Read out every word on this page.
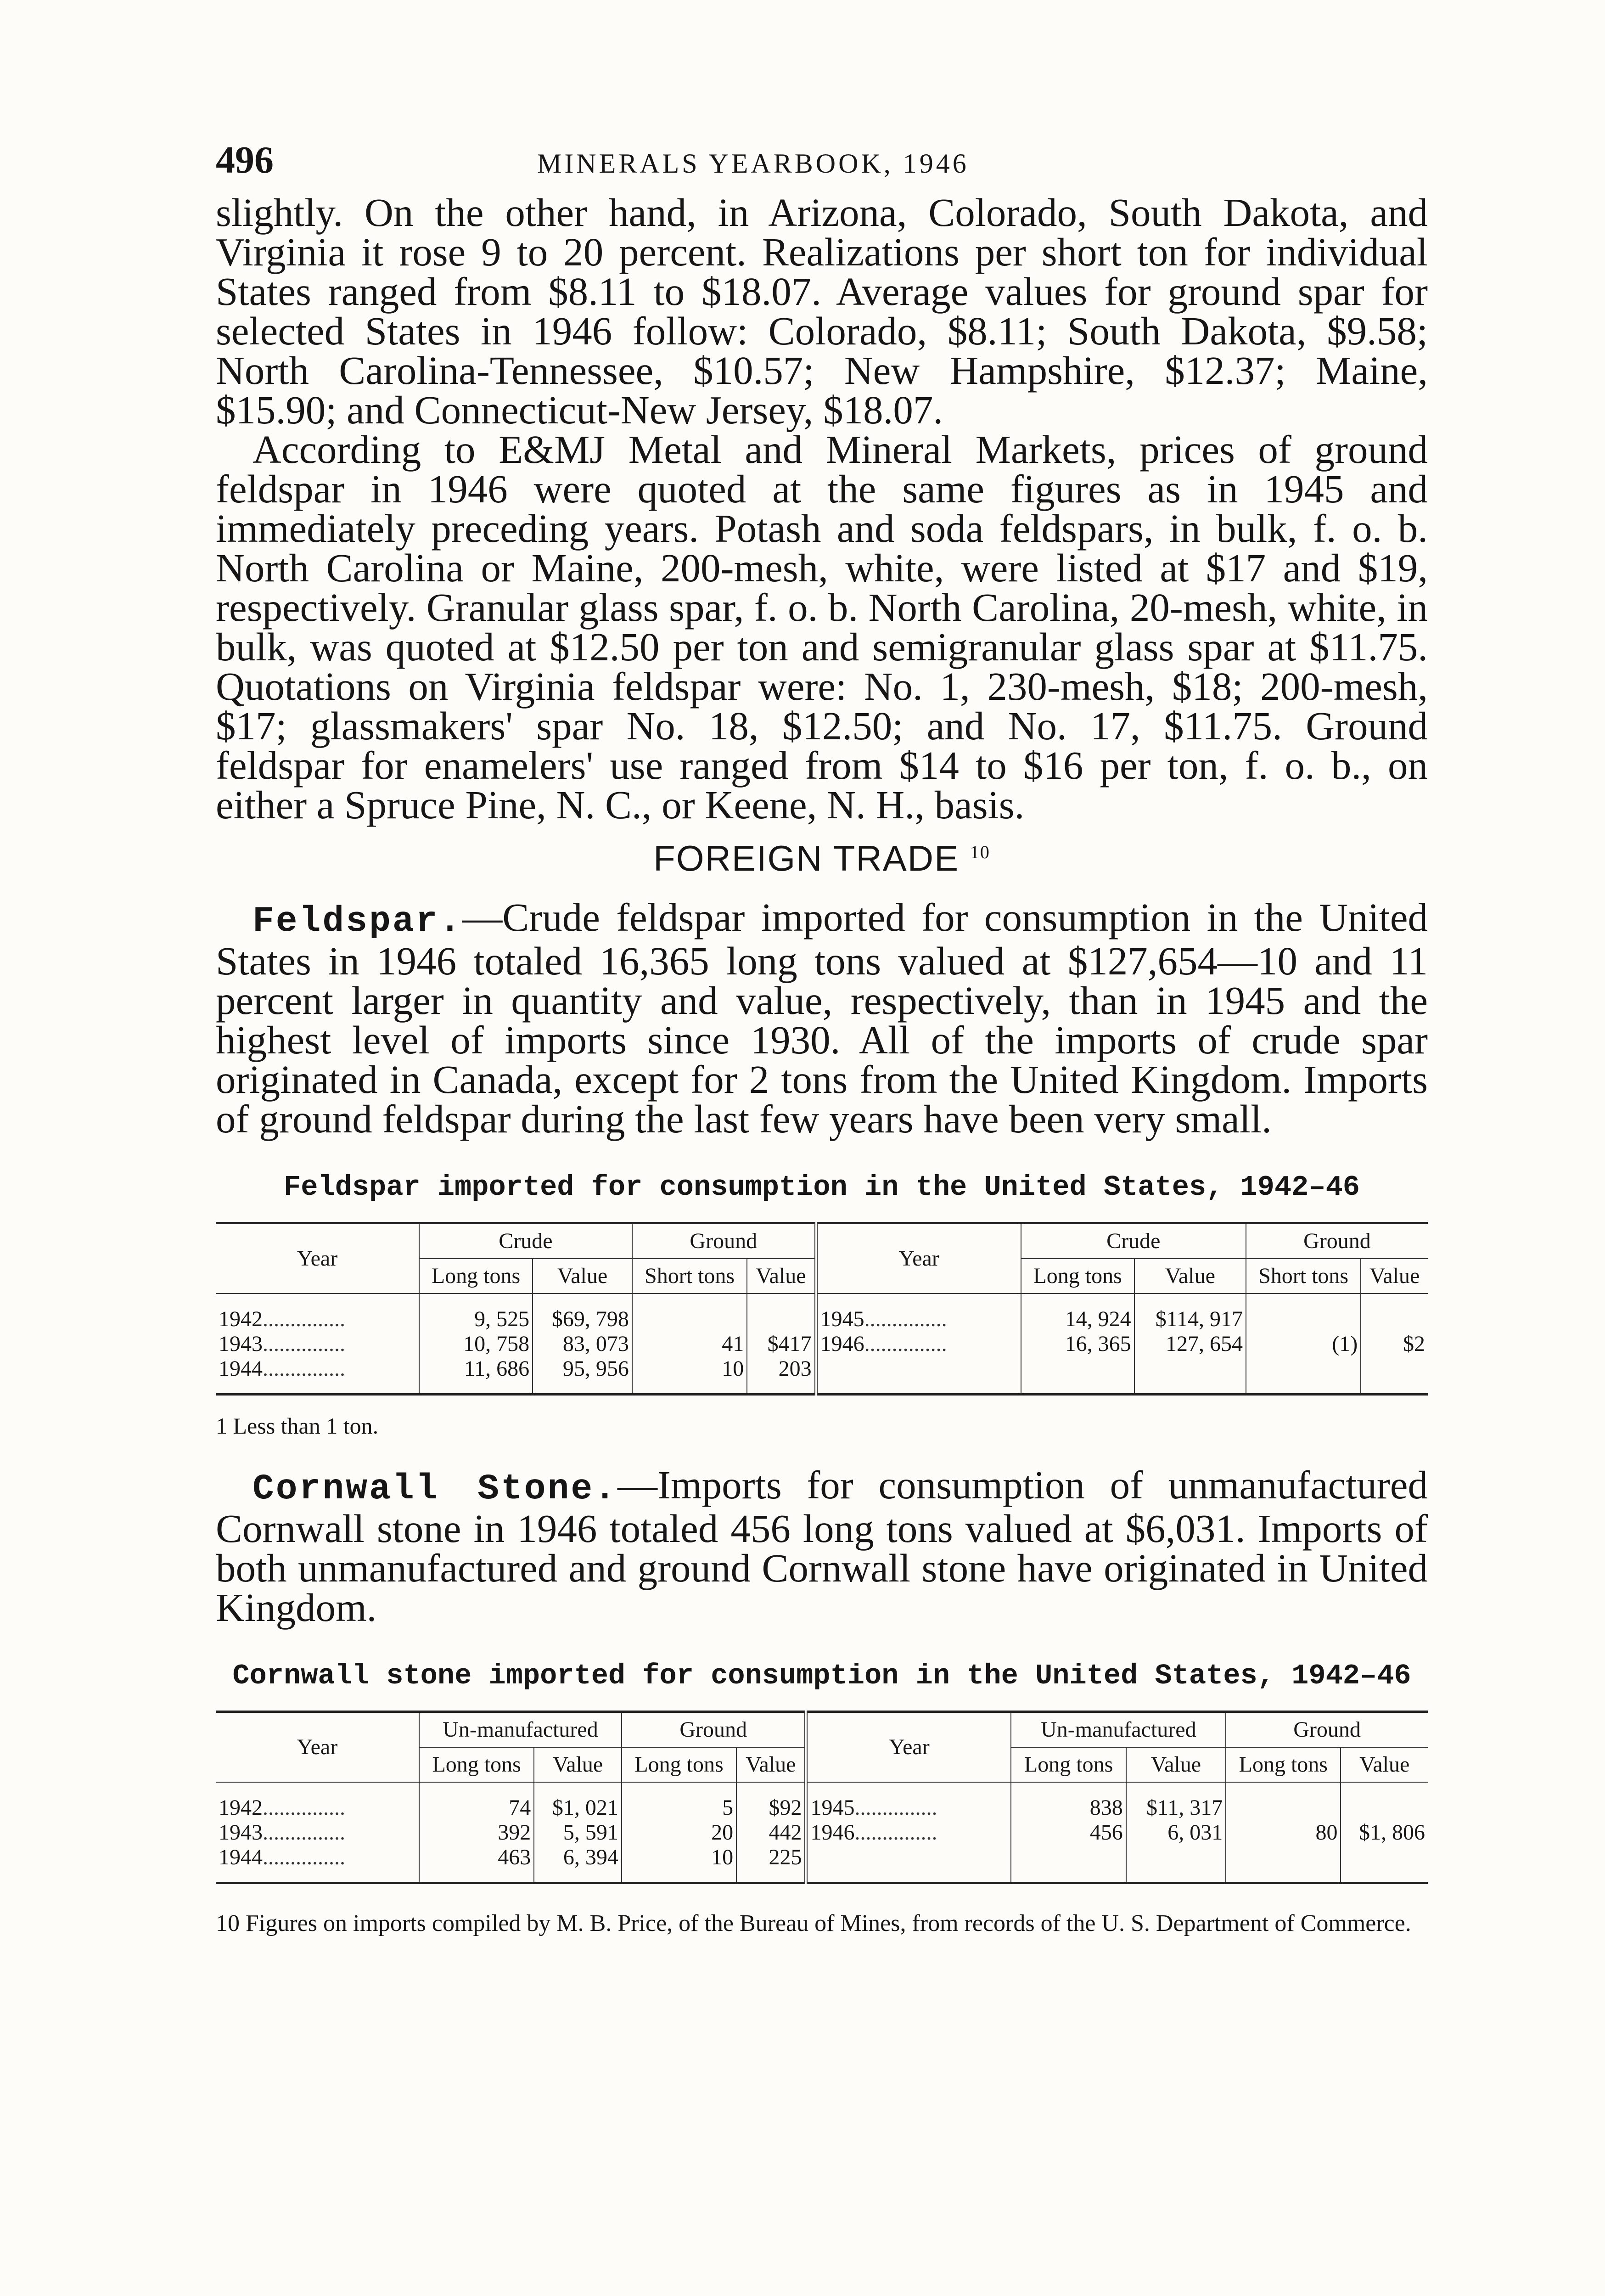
496	MINERALS YEARBOOK, 1946

slightly. On the other hand, in Arizona, Colorado, South Dakota, and Virginia it rose 9 to 20 percent. Realizations per short ton for individual States ranged from $8.11 to $18.07. Average values for ground spar for selected States in 1946 follow: Colorado, $8.11; South Dakota, $9.58; North Carolina-Tennessee, $10.57; New Hampshire, $12.37; Maine, $15.90; and Connecticut-New Jersey, $18.07.

According to E&MJ Metal and Mineral Markets, prices of ground feldspar in 1946 were quoted at the same figures as in 1945 and immediately preceding years. Potash and soda feldspars, in bulk, f. o. b. North Carolina or Maine, 200-mesh, white, were listed at $17 and $19, respectively. Granular glass spar, f. o. b. North Carolina, 20-mesh, white, in bulk, was quoted at $12.50 per ton and semigranular glass spar at $11.75. Quotations on Virginia feldspar were: No. 1, 230-mesh, $18; 200-mesh, $17; glassmakers' spar No. 18, $12.50; and No. 17, $11.75. Ground feldspar for enamelers' use ranged from $14 to $16 per ton, f. o. b., on either a Spruce Pine, N. C., or Keene, N. H., basis.

FOREIGN TRADE $^{10}$

Feldspar.—Crude feldspar imported for consumption in the United States in 1946 totaled 16,365 long tons valued at $127,654—10 and 11 percent larger in quantity and value, respectively, than in 1945 and the highest level of imports since 1930. All of the imports of crude spar originated in Canada, except for 2 tons from the United Kingdom. Imports of ground feldspar during the last few years have been very small.

Feldspar imported for consumption in the United States, 1942–46
Year	Crude		Ground		Year	Crude		Ground	
	Long tons	Value	Short tons	Value		Long tons	Value	Short tons	Value
1942...............	9, 525	$69, 798			1945...............	14, 924	$114, 917		
1943...............	10, 758	83, 073	41	$417	1946...............	16, 365	127, 654	(1)	$2
1944...............	11, 686	95, 956	10	203					
1 Less than 1 ton.

Cornwall Stone.—Imports for consumption of unmanufactured Cornwall stone in 1946 totaled 456 long tons valued at $6,031. Imports of both unmanufactured and ground Cornwall stone have originated in United Kingdom.

Cornwall stone imported for consumption in the United States, 1942–46
Year	Un-manufactured		Ground		Year	Un-manufactured		Ground	
	Long tons	Value	Long tons	Value		Long tons	Value	Long tons	Value
1942...............	74	$1, 021	5	$92	1945...............	838	$11, 317		
1943...............	392	5, 591	20	442	1946...............	456	6, 031	80	$1, 806
1944...............	463	6, 394	10	225					
10 Figures on imports compiled by M. B. Price, of the Bureau of Mines, from records of the U. S. Department of Commerce.
